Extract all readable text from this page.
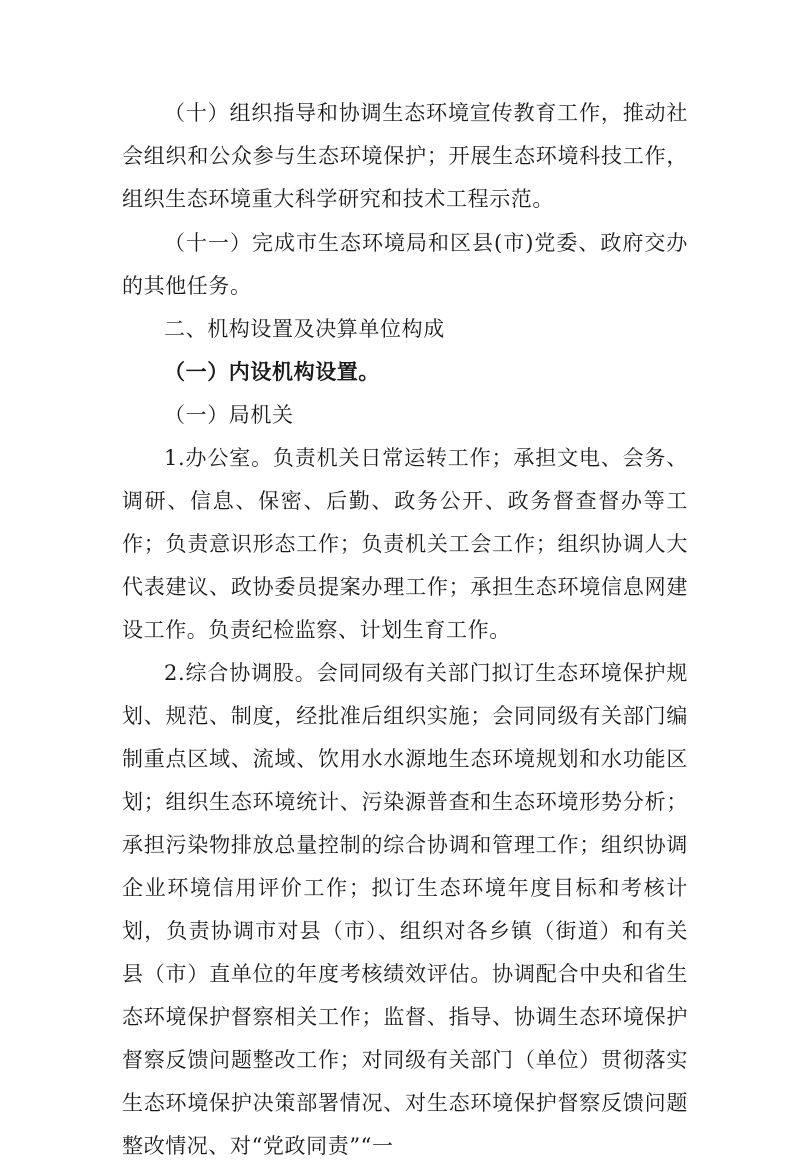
（十）组织指导和协调生态环境宣传教育工作，推动社会组织和公众参与生态环境保护；开展生态环境科技工作，组织生态环境重大科学研究和技术工程示范。

（十一）完成市生态环境局和区县(市)党委、政府交办的其他任务。

二、机构设置及决算单位构成

（一）内设机构设置。

（一）局机关

1.办公室。负责机关日常运转工作；承担文电、会务、调研、信息、保密、后勤、政务公开、政务督查督办等工作；负责意识形态工作；负责机关工会工作；组织协调人大代表建议、政协委员提案办理工作；承担生态环境信息网建设工作。负责纪检监察、计划生育工作。

2.综合协调股。会同同级有关部门拟订生态环境保护规划、规范、制度，经批准后组织实施；会同同级有关部门编制重点区域、流域、饮用水水源地生态环境规划和水功能区划；组织生态环境统计、污染源普查和生态环境形势分析；承担污染物排放总量控制的综合协调和管理工作；组织协调企业环境信用评价工作；拟订生态环境年度目标和考核计划，负责协调市对县（市）、组织对各乡镇（街道）和有关县（市）直单位的年度考核绩效评估。协调配合中央和省生态环境保护督察相关工作；监督、指导、协调生态环境保护督察反馈问题整改工作；对同级有关部门（单位）贯彻落实生态环境保护决策部署情况、对生态环境保护督察反馈问题整改情况、对“党政同责”“一
